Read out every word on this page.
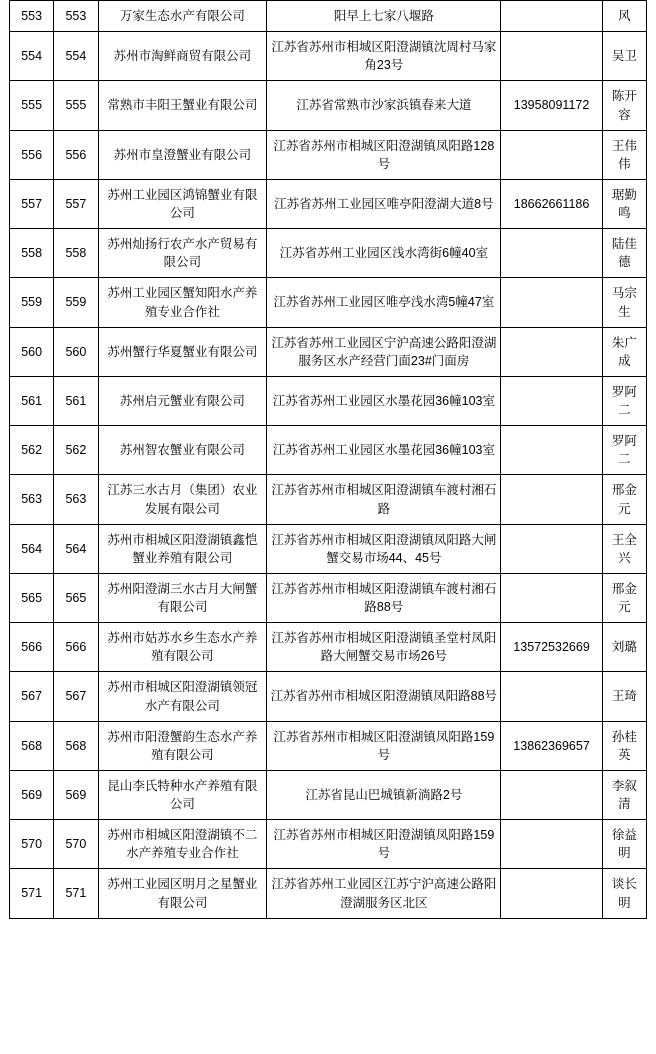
553	553	万家生态水产有限公司	阳早上七家八堰路		风
554	554	苏州市淘鲜商贸有限公司	江苏省苏州市相城区阳澄湖镇沈周村马家角23号		吴卫
555	555	常熟市丰阳王蟹业有限公司	江苏省常熟市沙家浜镇春来大道	13958091172	陈开容
556	556	苏州市皇澄蟹业有限公司	江苏省苏州市相城区阳澄湖镇凤阳路128号		王伟伟
557	557	苏州工业园区鸿锦蟹业有限公司	江苏省苏州工业园区唯亭阳澄湖大道8号	18662661186	琚勤鸣
558	558	苏州灿扬行农产水产贸易有限公司	江苏省苏州工业园区浅水湾街6幢40室		陆佳德
559	559	苏州工业园区蟹知阳水产养殖专业合作社	江苏省苏州工业园区唯亭浅水湾5幢47室		马宗生
560	560	苏州蟹行华夏蟹业有限公司	江苏省苏州工业园区宁沪高速公路阳澄湖服务区水产经营门面23#门面房		朱广成
561	561	苏州启元蟹业有限公司	江苏省苏州工业园区水墨花园36幢103室		罗阿二
562	562	苏州智农蟹业有限公司	江苏省苏州工业园区水墨花园36幢103室		罗阿二
563	563	江苏三水古月（集团）农业发展有限公司	江苏省苏州市相城区阳澄湖镇车渡村湘石路		邢金元
564	564	苏州市相城区阳澄湖镇鑫恺蟹业养殖有限公司	江苏省苏州市相城区阳澄湖镇凤阳路大闸蟹交易市场44、45号		王全兴
565	565	苏州阳澄湖三水古月大闸蟹有限公司	江苏省苏州市相城区阳澄湖镇车渡村湘石路88号		邢金元
566	566	苏州市姑苏水乡生态水产养殖有限公司	江苏省苏州市相城区阳澄湖镇圣堂村凤阳路大闸蟹交易市场26号	13572532669	刘璐
567	567	苏州市相城区阳澄湖镇领冠水产有限公司	江苏省苏州市相城区阳澄湖镇凤阳路88号		王琦
568	568	苏州市阳澄蟹韵生态水产养殖有限公司	江苏省苏州市相城区阳澄湖镇凤阳路159号	13862369657	孙桂英
569	569	昆山李氏特种水产养殖有限公司	江苏省昆山巴城镇新淌路2号		李叙清
570	570	苏州市相城区阳澄湖镇不二水产养殖专业合作社	江苏省苏州市相城区阳澄湖镇凤阳路159号		徐益明
571	571	苏州工业园区明月之星蟹业有限公司	江苏省苏州工业园区江苏宁沪高速公路阳澄湖服务区北区		谈长明
